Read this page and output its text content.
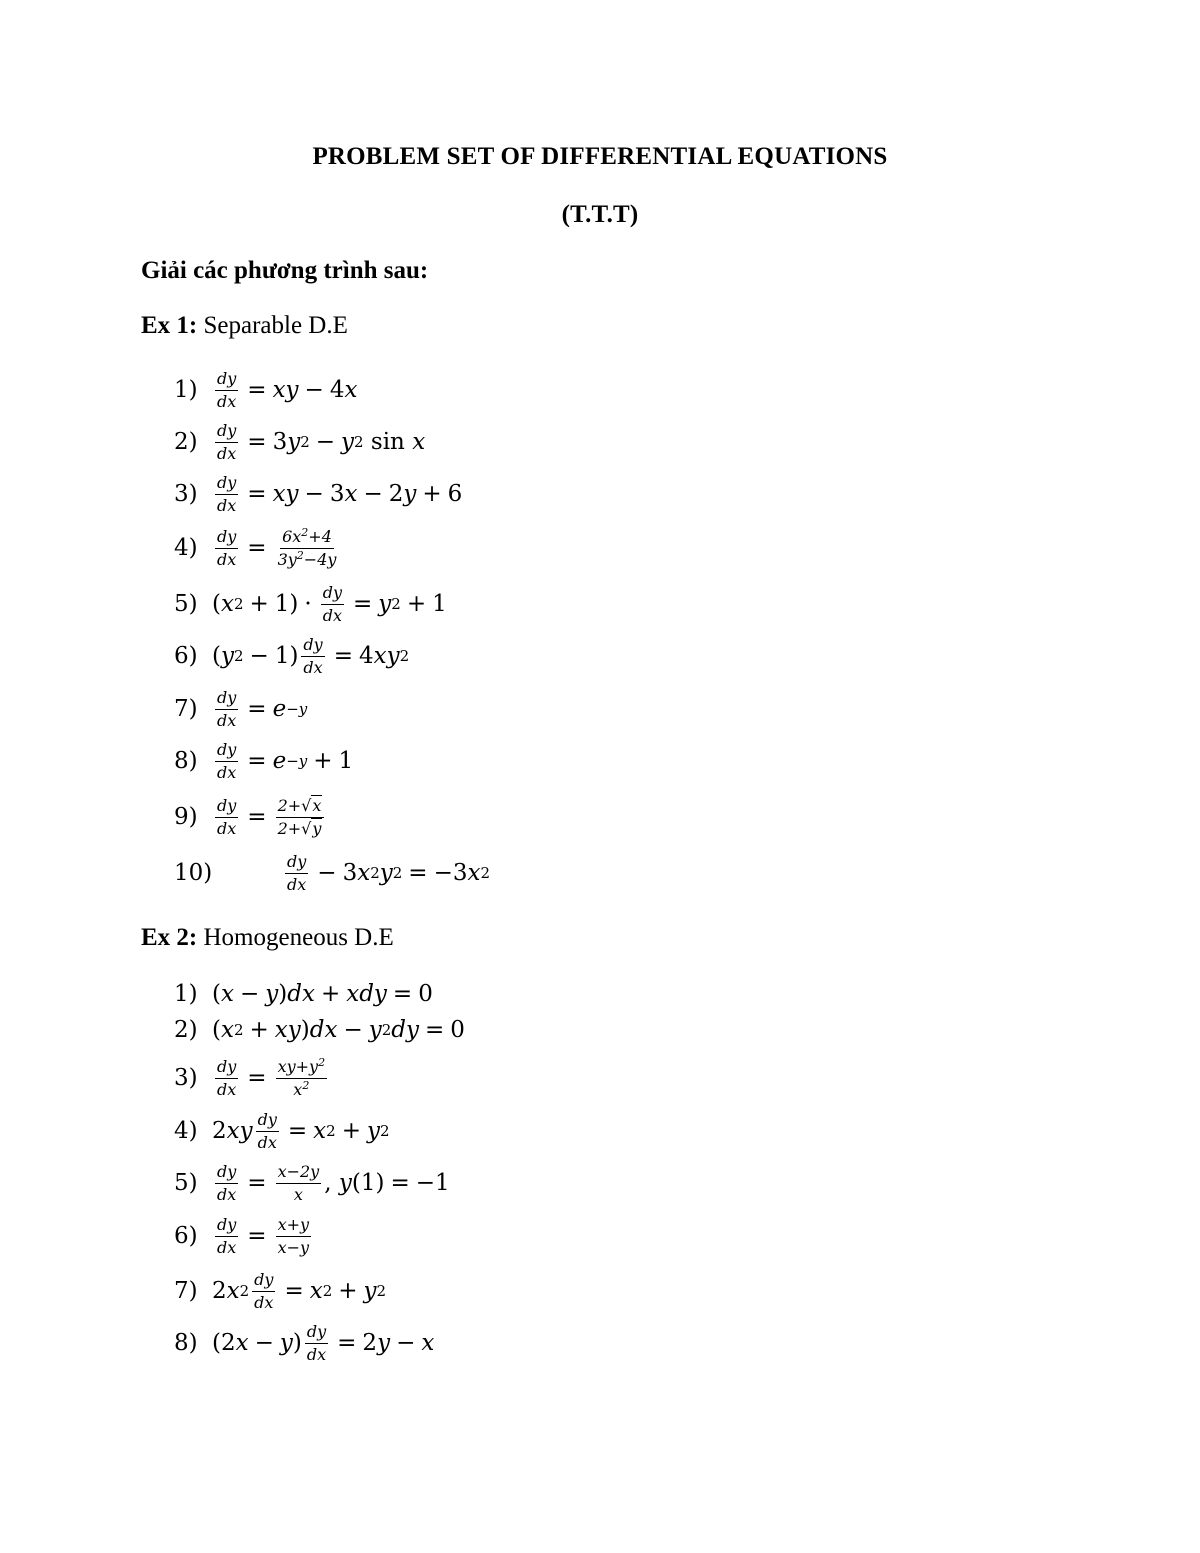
PROBLEM SET OF DIFFERENTIAL EQUATIONS
(T.T.T)
Giải các phương trình sau:
Ex 1: Separable D.E
1)	$\frac{dy}{dx}$ = xy − 4 x
2)	$\frac{dy}{dx} = 3$ y 2 − y 2
sin
x
3)	$\frac{dy}{dx}$ = xy − 3 x − 2 y + 6
4)	$\frac{dy}{dx} = \frac{6x^2+4}{3y^2-4y}$
5) ( x $2 + 1) \cdot \frac{dy}{dx} = y$ 2 + 1
6) ( y $2 - 1) \frac{dy}{dx} = 4$ xy 2
7)	$\frac{dy}{dx} = e -y$
8)	$\frac{dy}{dx} = e -y + 1$
9)	$\frac{dy}{dx} = \frac{2+√x}{2+√y}$
10)	$\frac{dy}{dx} - 3$ x 2 y 2 = −3 x 2
Ex 2: Homogeneous D.E
1) ( x − y ) dx + xdy = 0
2) ( x 2 + xy ) dx − y 2 dy = 0
3)	$\frac{dy}{dx} = \frac{xy+y^2}{x^2}$
4) 2 xy $\frac{dy}{dx} = x$ 2 + y 2
5)	$\frac{dy}{dx} = \frac{x-2y}{x}$ , y (1) = −1
6)	$\frac{dy}{dx} = \frac{x+y}{x-y}$
7) 2 x $2 \frac{dy}{dx} = x$ 2 + y 2
8) (2 x − y ) $\frac{dy}{dx} = 2$ y − x
